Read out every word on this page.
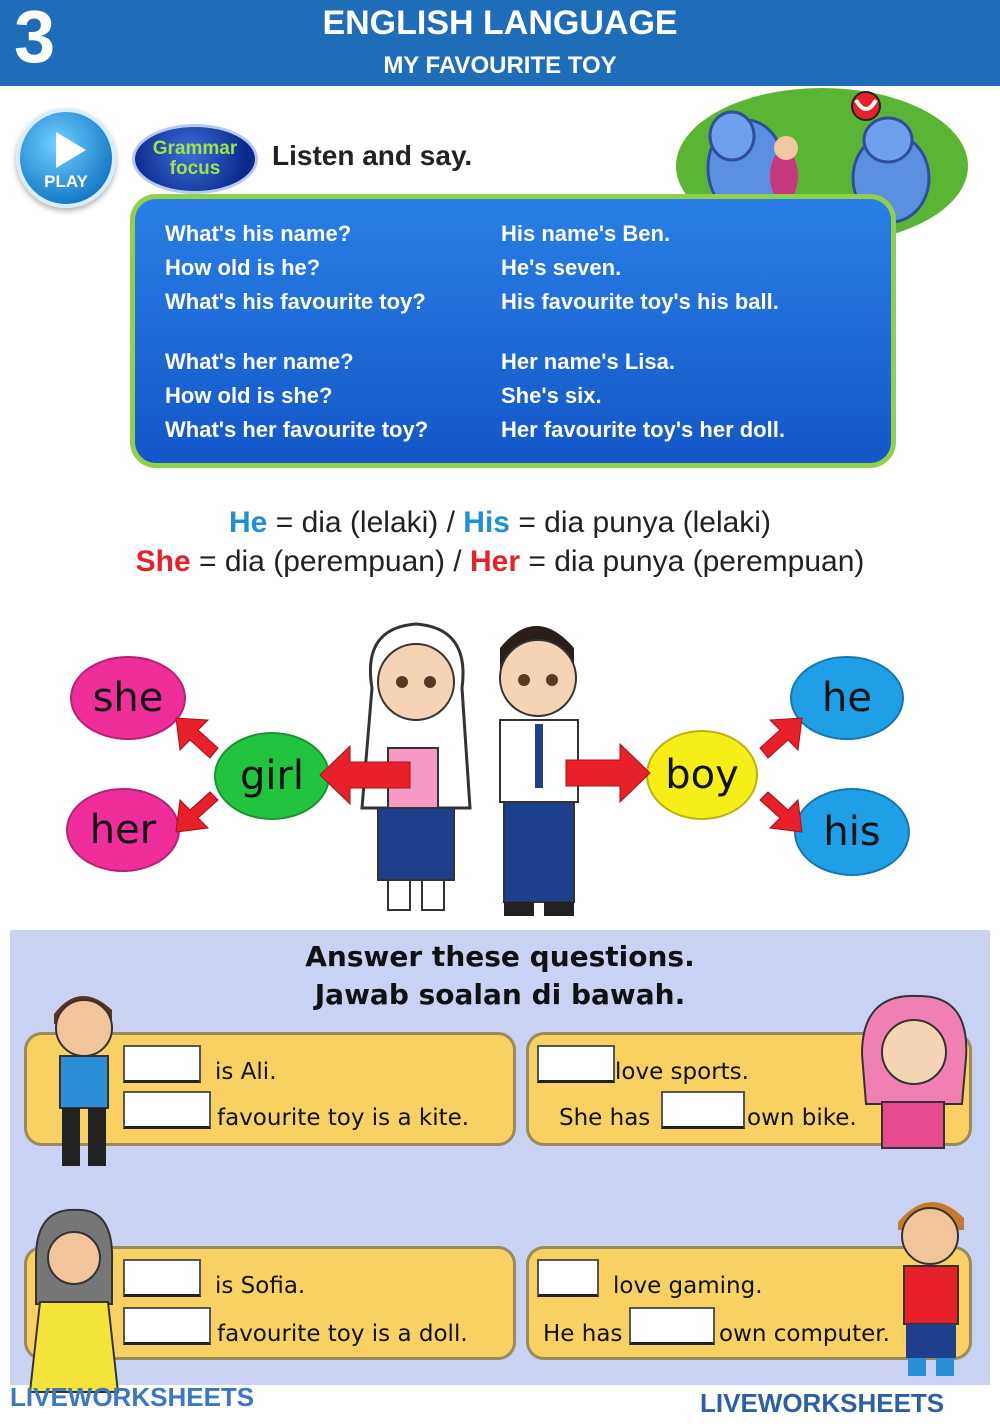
3	ENGLISH LANGUAGE
MY FAVOURITE TOY
PLAY
Grammar
focus	Listen and say.
What's his name?	His name's Ben.
How old is he?	He's seven.
What's his favourite toy?	His favourite toy's his ball.
What's her name?	Her name's Lisa.
How old is she?	She's six.
What's her favourite toy?	Her favourite toy's her doll.
He = dia (lelaki) / His = dia punya (lelaki)
She = dia (perempuan) / Her = dia punya (perempuan)
she
her
girl	boy
he
his
Answer these questions.
Jawab soalan di bawah.
is Ali.
favourite toy is a kite.
love sports.
She has	own bike.
is Sofia.
favourite toy is a doll.
love gaming.
He has	own computer.
LIVEWORKSHEETS	LIVEWORKSHEETS
